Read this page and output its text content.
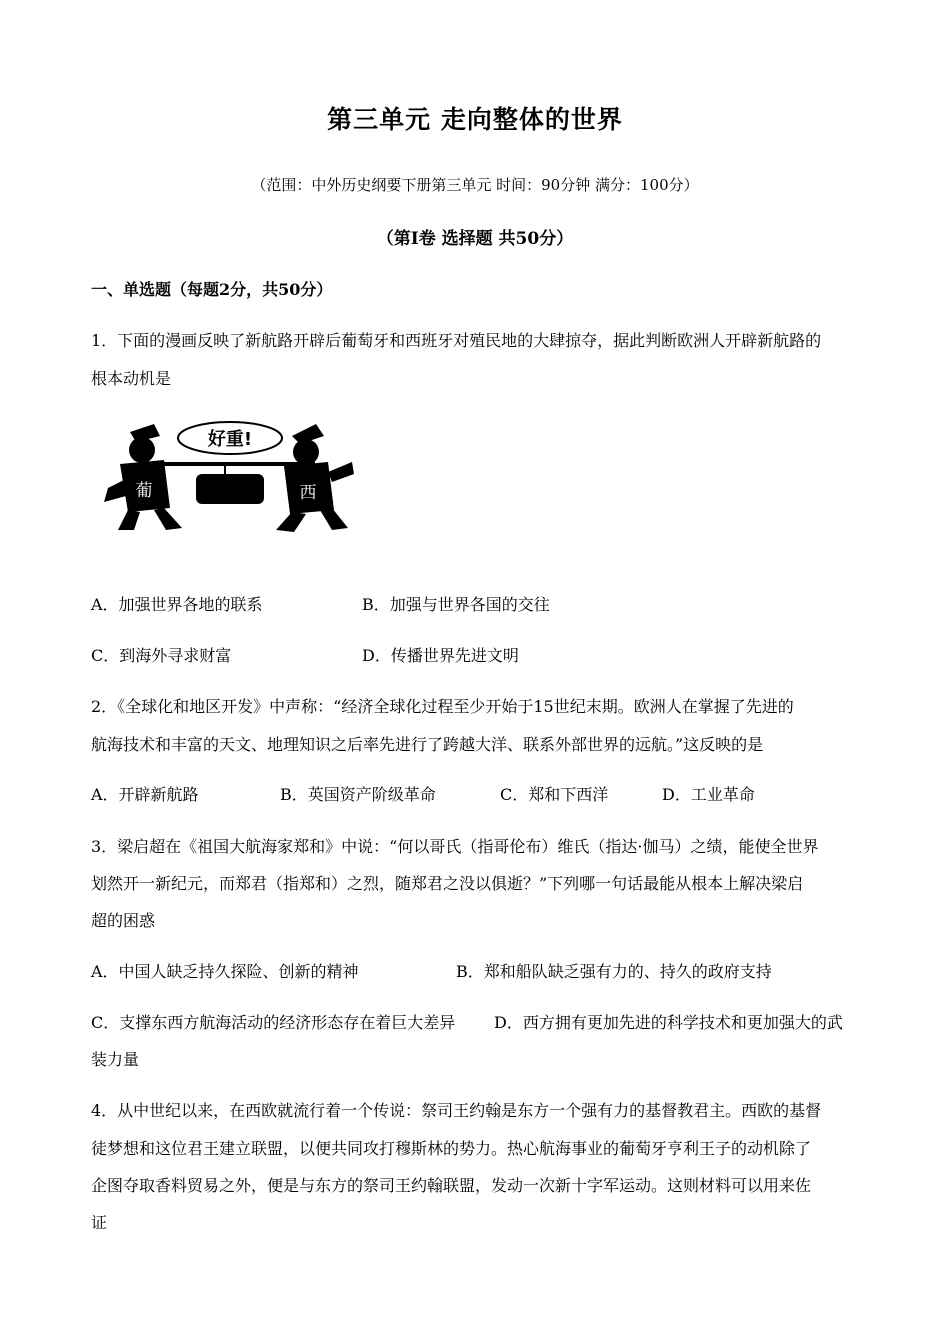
第三单元 走向整体的世界
（范围：中外历史纲要下册第三单元 时间：90分钟 满分：100分）
（第I卷 选择题 共50分）
一、单选题（每题2分，共50分）
1．下面的漫画反映了新航路开辟后葡萄牙和西班牙对殖民地的大肆掠夺，据此判断欧洲人开辟新航路的
根本动机是
好重!
葡	西
A．加强世界各地的联系	B．加强与世界各国的交往
C．到海外寻求财富	D．传播世界先进文明
2．《全球化和地区开发》中声称：“经济全球化过程至少开始于15世纪末期。欧洲人在掌握了先进的
航海技术和丰富的天文、地理知识之后率先进行了跨越大洋、联系外部世界的远航。”这反映的是
A．开辟新航路	B．英国资产阶级革命	C．郑和下西洋	D．工业革命
3．梁启超在《祖国大航海家郑和》中说：“何以哥氏（指哥伦布）维氏（指达·伽马）之绩，能使全世界
划然开一新纪元，而郑君（指郑和）之烈，随郑君之没以俱逝？”下列哪一句话最能从根本上解决梁启
超的困惑
A．中国人缺乏持久探险、创新的精神	B．郑和船队缺乏强有力的、持久的政府支持
C．支撑东西方航海活动的经济形态存在着巨大差异 D．西方拥有更加先进的科学技术和更加强大的武
装力量
4．从中世纪以来，在西欧就流行着一个传说：祭司王约翰是东方一个强有力的基督教君主。西欧的基督
徒梦想和这位君王建立联盟，以便共同攻打穆斯林的势力。热心航海事业的葡萄牙亨利王子的动机除了
企图夺取香料贸易之外，便是与东方的祭司王约翰联盟，发动一次新十字军运动。这则材料可以用来佐
证
